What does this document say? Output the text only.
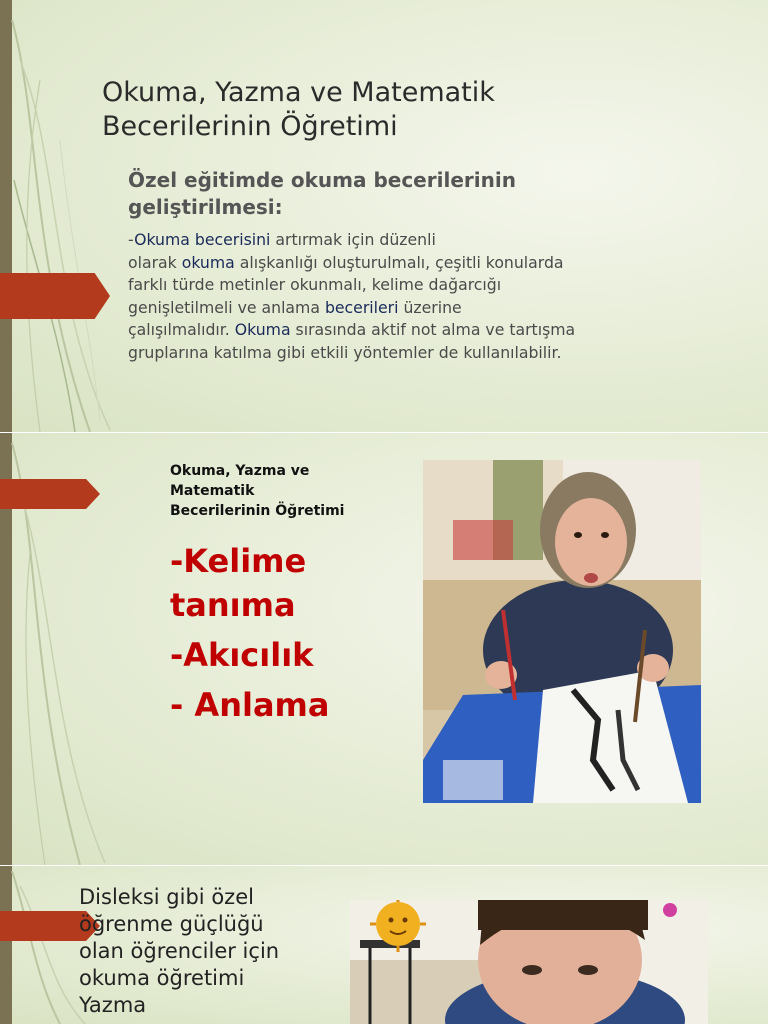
Okuma, Yazma ve Matematik
Becerilerinin Öğretimi
Özel eğitimde okuma becerilerinin
geliştirilmesi:
-Okuma becerisini artırmak için düzenli
olarak okuma alışkanlığı oluşturulmalı, çeşitli konularda
farklı türde metinler okunmalı, kelime dağarcığı
genişletilmeli ve anlama becerileri üzerine
çalışılmalıdır. Okuma sırasında aktif not alma ve tartışma
gruplarına katılma gibi etkili yöntemler de kullanılabilir.
Okuma, Yazma ve
Matematik
Becerilerinin Öğretimi
-Kelime
tanıma
-Akıcılık
- Anlama
Disleksi gibi özel
öğrenme güçlüğü
olan öğrenciler için
okuma öğretimi
Yazma
